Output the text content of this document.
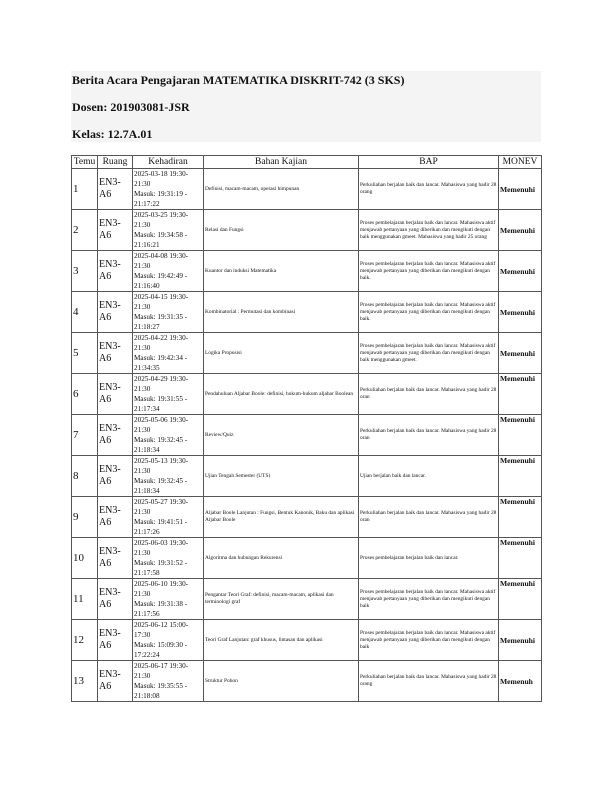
Berita Acara Pengajaran MATEMATIKA DISKRIT-742 (3 SKS)
Dosen: 201903081-JSR
Kelas: 12.7A.01
Temu	Ruang	Kehadiran	Bahan Kajian	BAP	MONEV

1	EN3-A6	2025-03-18 19:30-21:30
Masuk: 19:31:19 - 21:17:22	Definisi, macam-macam, operasi himpunan	Perkuliahan berjalan baik dan lancar. Mahasiswa yang hadir 28 orang	Memenuhi

2	EN3-A6	2025-03-25 19:30-21:30
Masuk: 19:34:58 - 21:16:21	Relasi dan Fungsi	Proses pembelajaran berjalan baik dan lancar. Mahasiswa aktif menjawab pertanyaan yang diberikan dan mengikuti dengan baik menggunakan gmeet. Mahasiswa yang hadir 25 orang	Memenuhi

3	EN3-A6	2025-04-08 19:30-21:30
Masuk: 19:42:49 - 21:16:40	Kuantor dan induksi Matematika	Proses pembelajaran berjalan baik dan lancar. Mahasiswa aktif menjawab pertanyaan yang diberikan dan mengikuti dengan baik.	Memenuhi

4	EN3-A6	2025-04-15 19:30-21:30
Masuk: 19:31:35 - 21:18:27	Kombinatorial : Permutasi dan kombinasi	Proses pembelajaran berjalan baik dan lancar. Mahasiswa aktif menjawab pertanyaan yang diberikan dan mengikuti dengan baik.	Memenuhi

5	EN3-A6	2025-04-22 19:30-21:30
Masuk: 19:42:34 - 21:34:35	Logika Proposisi	Proses pembelajaran berjalan baik dan lancar. Mahasiswa aktif menjawab pertanyaan yang diberikan dan mengikuti dengan baik menggunakan gmeet.	Memenuhi

6	EN3-A6	2025-04-29 19:30-21:30
Masuk: 19:31:55 - 21:17:34	Pendahuluan Aljabar Boole: definisi, hukum-hukum aljabar Boolean	Perkuliahan berjalan baik dan lancar. Mahasiswa yang hadir 28 oran	Memenuhi

7	EN3-A6	2025-05-06 19:30-21:30
Masuk: 19:32:45 - 21:18:34	Review/Quiz	Perkuliahan berjalan baik dan lancar. Mahasiswa yang hadir 28 oran	Memenuhi

8	EN3-A6	2025-05-13 19:30-21:30
Masuk: 19:32:45 - 21:18:34	Ujian Tengah Semester (UTS)	Ujian berjalan baik dan lancar.	Memenuhi

9	EN3-A6	2025-05-27 19:30-21:30
Masuk: 19:41:51 - 21:17:26	Aljabar Boole Lanjutan : Fungsi, Bentuk Kanonik, Baku dan aplikasi Aljabar Boole	Perkuliahan berjalan baik dan lancar. Mahasiswa yang hadir 28 oran	Memenuhi

10	EN3-A6	2025-06-03 19:30-21:30
Masuk: 19:31:52 - 21:17:58	Algoritma dan hubungan Rekurensi	Proses pembelajaran berjalan baik dan lancar.	Memenuhi

11	EN3-A6	2025-06-10 19:30-21:30
Masuk: 19:31:38 - 21:17:56	Pengantar Teori Graf: definisi, macam-macam, aplikasi dan terminologi graf	Proses pembelajaran berjalan baik dan lancar. Mahasiswa aktif menjawab pertanyaan yang diberikan dan mengikuti dengan baik	Memenuhi

12	EN3-A6	2025-06-12 15:00-17:30
Masuk: 15:09:30 - 17:22:24	Teori Graf Lanjutan: graf khusus, lintasan dan aplikasi	Proses pembelajaran berjalan baik dan lancar. Mahasiswa aktif menjawab pertanyaan yang diberikan dan mengikuti dengan baik	Memenuhi

13	EN3-A6	2025-06-17 19:30-21:30
Masuk: 19:35:55 - 21:18:08	Struktur Pohon	Perkuliahan berjalan baik dan lancar. Mahasiswa yang hadir 28 orang	Memenuh
